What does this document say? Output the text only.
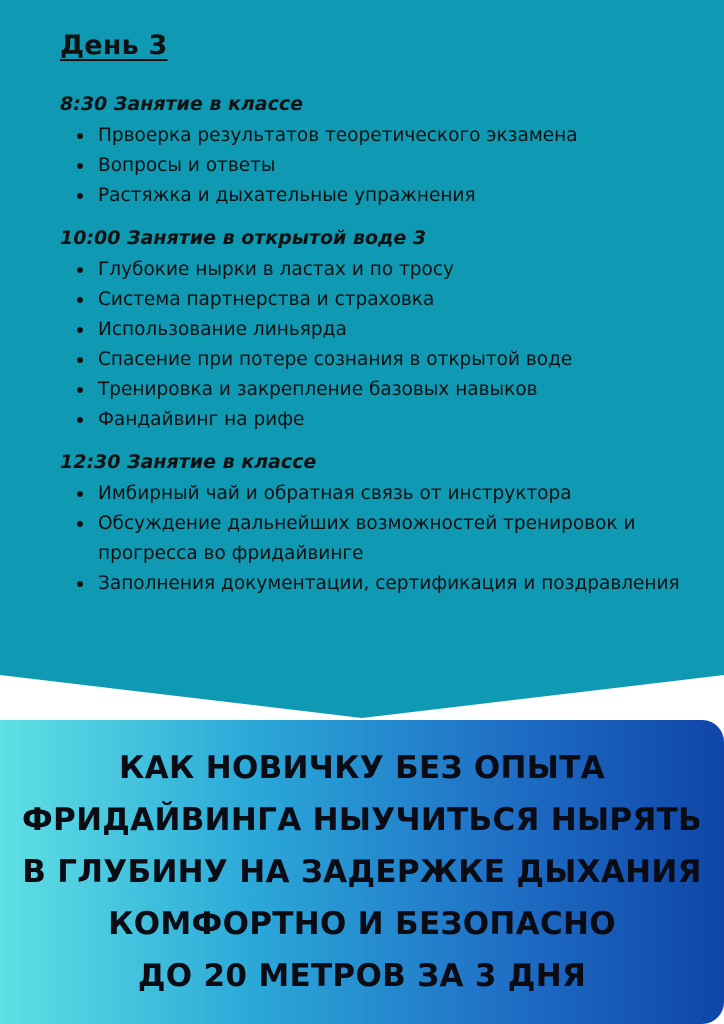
День 3
8:30 Занятие в классе
Првоерка результатов теоретического экзамена
Вопросы и ответы
Растяжка и дыхательные упражнения
10:00 Занятие в открытой воде 3
Глубокие нырки в ластах и по тросу
Система партнерства и страховка
Использование линьярда
Спасение при потере сознания в открытой воде
Тренировка и закрепление базовых навыков
Фандайвинг на рифе
12:30 Занятие в классе
Имбирный чай и обратная связь от инструктора
Обсуждение дальнейших возможностей тренировок и прогресса во фридайвинге
Заполнения документации, сертификация и поздравления
КАК НОВИЧКУ БЕЗ ОПЫТА
ФРИДАЙВИНГА НЫУЧИТЬСЯ НЫРЯТЬ
В ГЛУБИНУ НА ЗАДЕРЖКЕ ДЫХАНИЯ
КОМФОРТНО И БЕЗОПАСНО
ДО 20 МЕТРОВ ЗА 3 ДНЯ
